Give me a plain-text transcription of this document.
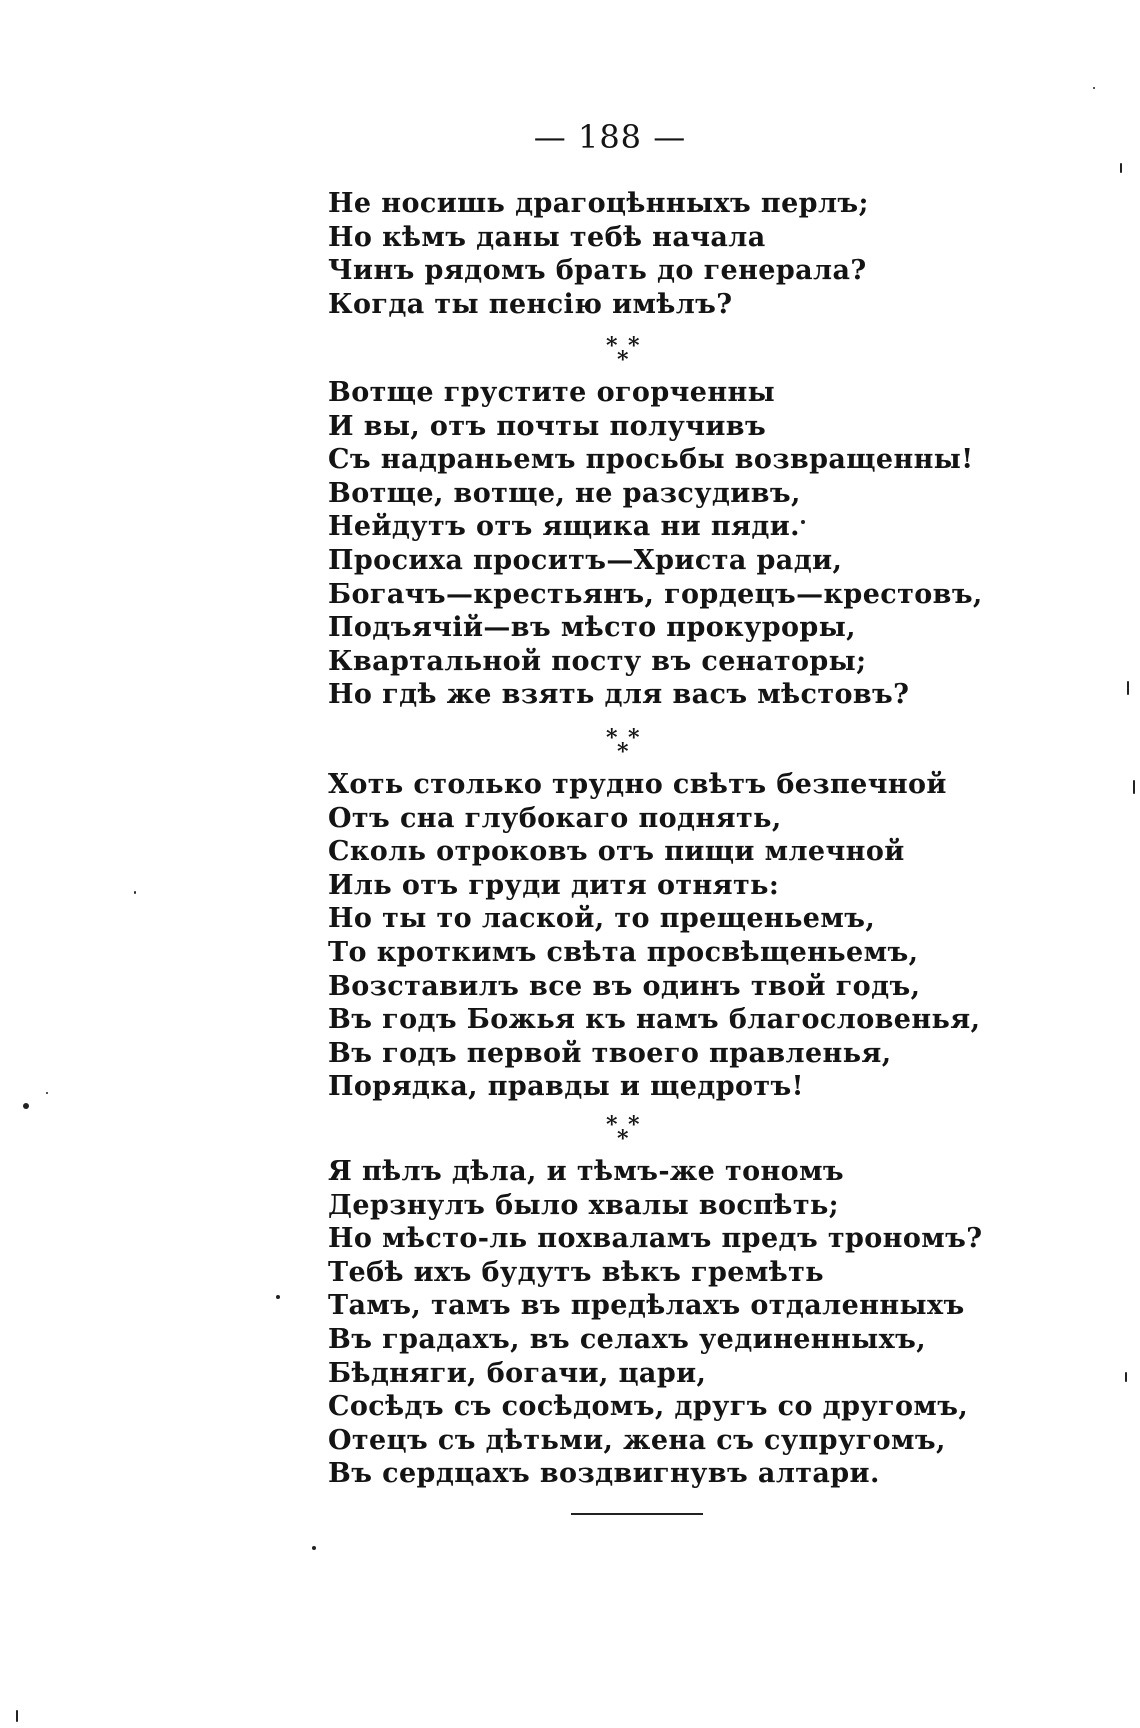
— 188 —
Не носишь драгоцѣнныхъ перлъ;
Но кѣмъ даны тебѣ начала
Чинъ рядомъ брать до генерала?
Когда ты пенсію имѣлъ?
* *
*
Вотще грустите огорченны
И вы, отъ почты получивъ
Съ надраньемъ просьбы возвращенны!
Вотще, вотще, не разсудивъ,
Нейдутъ отъ ящика ни пяди.
Просиха проситъ—Христа ради,
Богачъ—крестьянъ, гордецъ—крестовъ,
Подъячій—въ мѣсто прокуроры,
Квартальной посту въ сенаторы;
Но гдѣ же взять для васъ мѣстовъ?
* *
*
Хоть столько трудно свѣтъ безпечной
Отъ сна глубокаго поднять,
Сколь отроковъ отъ пищи млечной
Иль отъ груди дитя отнять:
Но ты то лаской, то прещеньемъ,
То кроткимъ свѣта просвѣщеньемъ,
Возставилъ все въ одинъ твой годъ,
Въ годъ Божья къ намъ благословенья,
Въ годъ первой твоего правленья,
Порядка, правды и щедротъ!
* *
*
Я пѣлъ дѣла, и тѣмъ-же тономъ
Дерзнулъ было хвалы воспѣть;
Но мѣсто-ль похваламъ предъ трономъ?
Тебѣ ихъ будутъ вѣкъ гремѣть
Тамъ, тамъ въ предѣлахъ отдаленныхъ
Въ градахъ, въ селахъ уединенныхъ,
Бѣдняги, богачи, цари,
Сосѣдъ съ сосѣдомъ, другъ со другомъ,
Отецъ съ дѣтьми, жена съ супругомъ,
Въ сердцахъ воздвигнувъ алтари.
